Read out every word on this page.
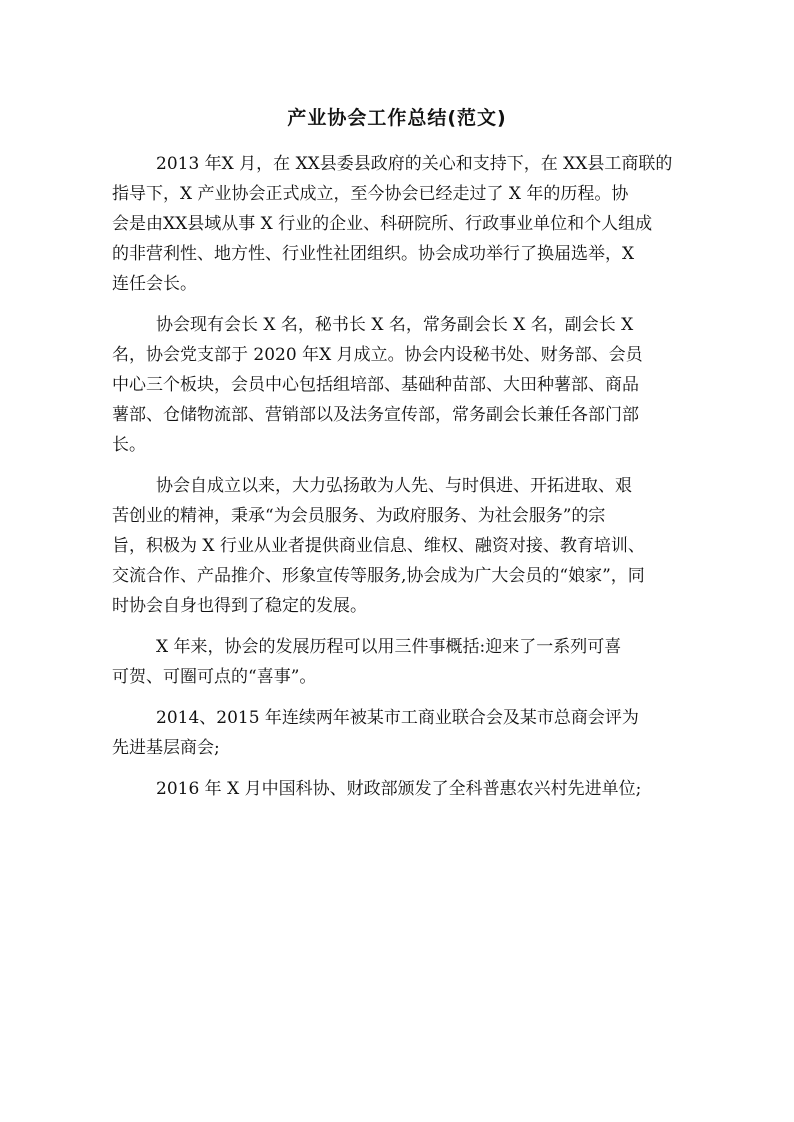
产业协会工作总结(范文)

2013 年X 月，在 XX县委县政府的关心和支持下，在 XX县工商联的
指导下，X 产业协会正式成立，至今协会已经走过了 X 年的历程。协
会是由XX县域从事 X 行业的企业、科研院所、行政事业单位和个人组成
的非营利性、地方性、行业性社团组织。协会成功举行了换届选举，X
连任会长。

协会现有会长 X 名，秘书长 X 名，常务副会长 X 名，副会长 X
名，协会党支部于 2020 年X 月成立。协会内设秘书处、财务部、会员
中心三个板块，会员中心包括组培部、基础种苗部、大田种薯部、商品
薯部、仓储物流部、营销部以及法务宣传部，常务副会长兼任各部门部
长。

协会自成立以来，大力弘扬敢为人先、与时俱进、开拓进取、艰
苦创业的精神，秉承“为会员服务、为政府服务、为社会服务”的宗
旨，积极为 X 行业从业者提供商业信息、维权、融资对接、教育培训、
交流合作、产品推介、形象宣传等服务,协会成为广大会员的“娘家”，同
时协会自身也得到了稳定的发展。

X 年来，协会的发展历程可以用三件事概括:迎来了一系列可喜
可贺、可圈可点的“喜事”。

2014、2015 年连续两年被某市工商业联合会及某市总商会评为
先进基层商会;

2016 年 X 月中国科协、财政部颁发了全科普惠农兴村先进单位;
